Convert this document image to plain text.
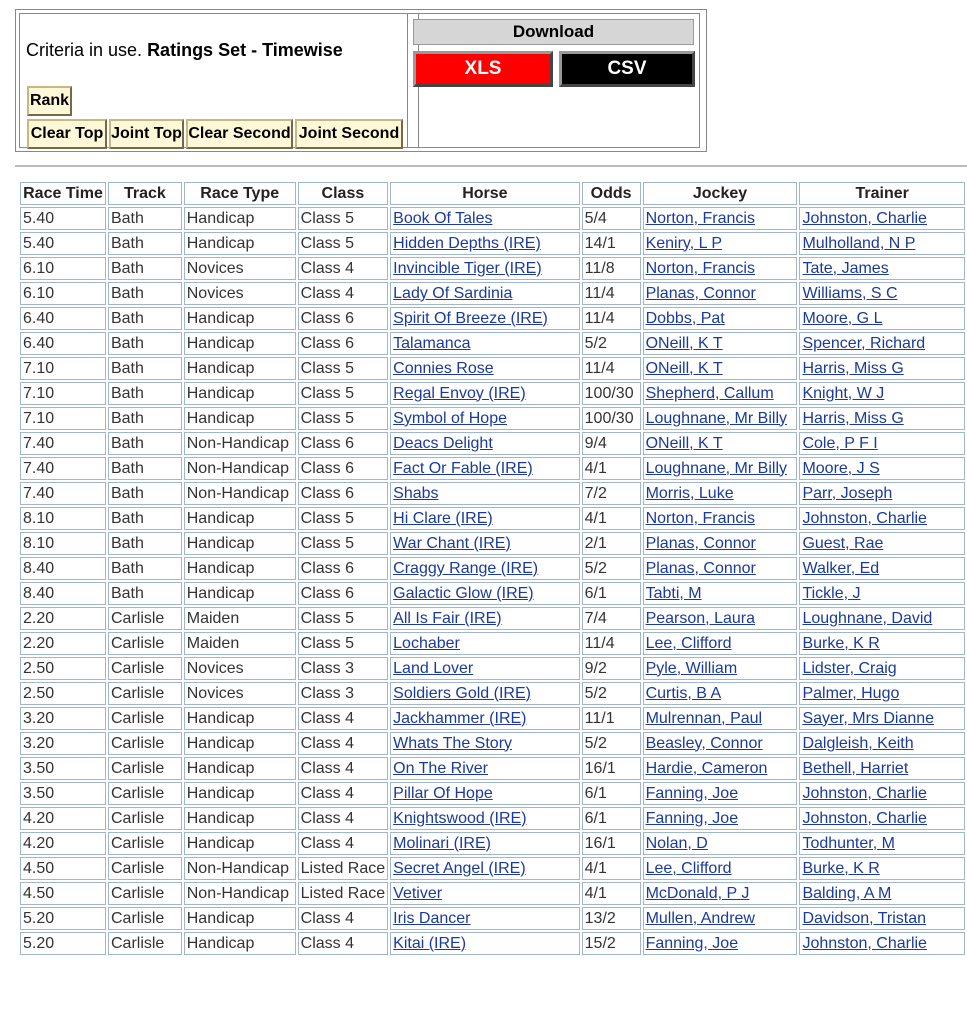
Criteria in use. Ratings Set - Timewise
Rank
Clear Top Joint Top Clear Second Joint Second
Download
XLS	CSV
Race Time	Track	Race Type	Class	Horse	Odds	Jockey	Trainer
5.40	Bath	Handicap	Class 5	Book Of Tales	5/4	Norton, Francis	Johnston, Charlie
5.40	Bath	Handicap	Class 5	Hidden Depths (IRE)	14/1	Keniry, L P	Mulholland, N P
6.10	Bath	Novices	Class 4	Invincible Tiger (IRE)	11/8	Norton, Francis	Tate, James
6.10	Bath	Novices	Class 4	Lady Of Sardinia	11/4	Planas, Connor	Williams, S C
6.40	Bath	Handicap	Class 6	Spirit Of Breeze (IRE)	11/4	Dobbs, Pat	Moore, G L
6.40	Bath	Handicap	Class 6	Talamanca	5/2	ONeill, K T	Spencer, Richard
7.10	Bath	Handicap	Class 5	Connies Rose	11/4	ONeill, K T	Harris, Miss G
7.10	Bath	Handicap	Class 5	Regal Envoy (IRE)	100/30	Shepherd, Callum	Knight, W J
7.10	Bath	Handicap	Class 5	Symbol of Hope	100/30	Loughnane, Mr Billy	Harris, Miss G
7.40	Bath	Non-Handicap	Class 6	Deacs Delight	9/4	ONeill, K T	Cole, P F I
7.40	Bath	Non-Handicap	Class 6	Fact Or Fable (IRE)	4/1	Loughnane, Mr Billy	Moore, J S
7.40	Bath	Non-Handicap	Class 6	Shabs	7/2	Morris, Luke	Parr, Joseph
8.10	Bath	Handicap	Class 5	Hi Clare (IRE)	4/1	Norton, Francis	Johnston, Charlie
8.10	Bath	Handicap	Class 5	War Chant (IRE)	2/1	Planas, Connor	Guest, Rae
8.40	Bath	Handicap	Class 6	Craggy Range (IRE)	5/2	Planas, Connor	Walker, Ed
8.40	Bath	Handicap	Class 6	Galactic Glow (IRE)	6/1	Tabti, M	Tickle, J
2.20	Carlisle	Maiden	Class 5	All Is Fair (IRE)	7/4	Pearson, Laura	Loughnane, David
2.20	Carlisle	Maiden	Class 5	Lochaber	11/4	Lee, Clifford	Burke, K R
2.50	Carlisle	Novices	Class 3	Land Lover	9/2	Pyle, William	Lidster, Craig
2.50	Carlisle	Novices	Class 3	Soldiers Gold (IRE)	5/2	Curtis, B A	Palmer, Hugo
3.20	Carlisle	Handicap	Class 4	Jackhammer (IRE)	11/1	Mulrennan, Paul	Sayer, Mrs Dianne
3.20	Carlisle	Handicap	Class 4	Whats The Story	5/2	Beasley, Connor	Dalgleish, Keith
3.50	Carlisle	Handicap	Class 4	On The River	16/1	Hardie, Cameron	Bethell, Harriet
3.50	Carlisle	Handicap	Class 4	Pillar Of Hope	6/1	Fanning, Joe	Johnston, Charlie
4.20	Carlisle	Handicap	Class 4	Knightswood (IRE)	6/1	Fanning, Joe	Johnston, Charlie
4.20	Carlisle	Handicap	Class 4	Molinari (IRE)	16/1	Nolan, D	Todhunter, M
4.50	Carlisle	Non-Handicap	Listed Race	Secret Angel (IRE)	4/1	Lee, Clifford	Burke, K R
4.50	Carlisle	Non-Handicap	Listed Race	Vetiver	4/1	McDonald, P J	Balding, A M
5.20	Carlisle	Handicap	Class 4	Iris Dancer	13/2	Mullen, Andrew	Davidson, Tristan
5.20	Carlisle	Handicap	Class 4	Kitai (IRE)	15/2	Fanning, Joe	Johnston, Charlie
